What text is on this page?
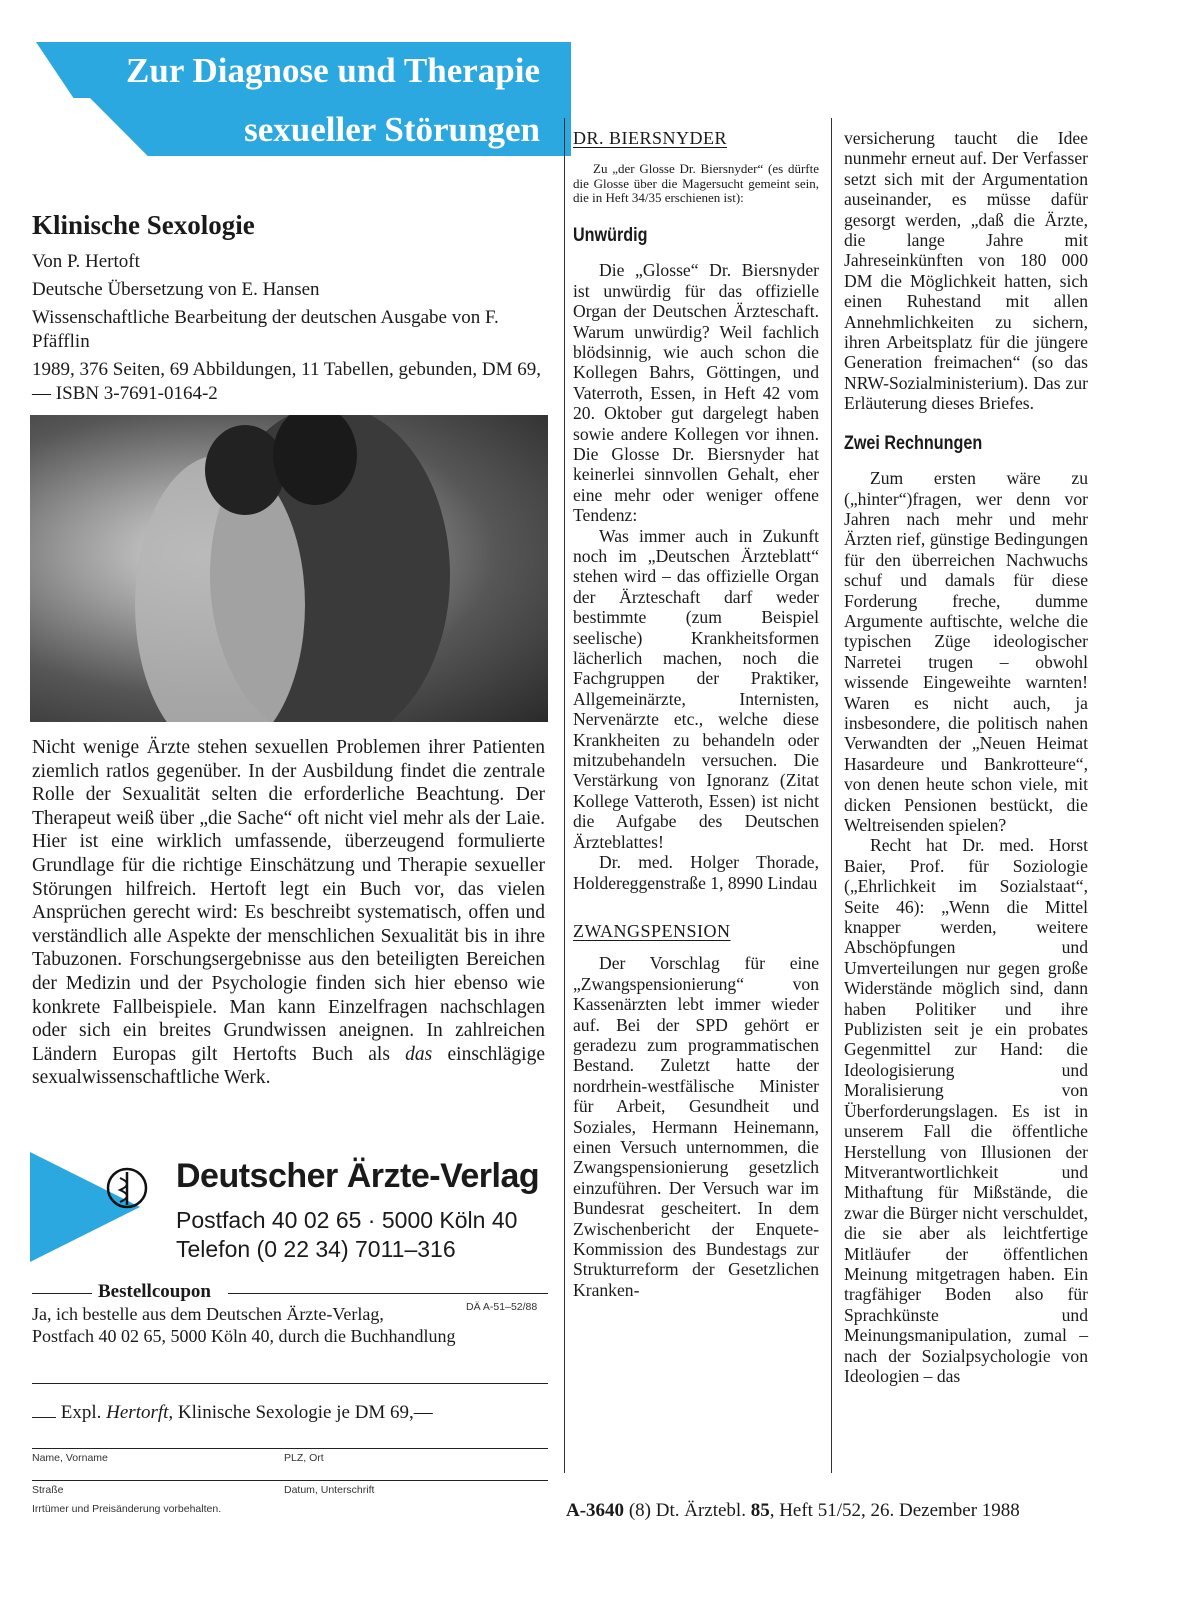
Zur Diagnose und Therapie
sexueller Störungen
Klinische Sexologie
Von P. Hertoft
Deutsche Übersetzung von E. Hansen
Wissenschaftliche Bearbeitung der deutschen Ausgabe von F. Pfäfflin
1989, 376 Seiten, 69 Abbildungen, 11 Tabellen, gebunden, DM 69,— ISBN 3-7691-0164-2
Nicht wenige Ärzte stehen sexuellen Problemen ihrer Patienten ziemlich ratlos gegenüber. In der Ausbildung findet die zentrale Rolle der Sexualität selten die erforderliche Beachtung. Der Therapeut weiß über „die Sache“ oft nicht viel mehr als der Laie. Hier ist eine wirklich umfassende, überzeugend formulierte Grundlage für die richtige Einschätzung und Therapie sexueller Störungen hilfreich. Hertoft legt ein Buch vor, das vielen Ansprüchen gerecht wird: Es beschreibt systematisch, offen und verständlich alle Aspekte der menschlichen Sexualität bis in ihre Tabuzonen. Forschungsergebnisse aus den beteiligten Bereichen der Medizin und der Psychologie finden sich hier ebenso wie konkrete Fallbeispiele. Man kann Einzelfragen nachschlagen oder sich ein breites Grundwissen aneignen. In zahlreichen Ländern Europas gilt Hertofts Buch als das einschlägige sexualwissenschaftliche Werk.
Deutscher Ärzte-Verlag
Postfach 40 02 65 · 5000 Köln 40
Telefon (0 22 34) 7011–316
Bestellcoupon
DÄ A-51–52/88
Ja, ich bestelle aus dem Deutschen Ärzte-Verlag,
Postfach 40 02 65, 5000 Köln 40, durch die Buchhandlung
Expl. Hertorft, Klinische Sexologie je DM 69,—
Name, Vorname	PLZ, Ort
Straße	Datum, Unterschrift
Irrtümer und Preisänderung vorbehalten.
DR. BIERSNYDER
Zu „der Glosse Dr. Biersnyder“ (es dürfte die Glosse über die Magersucht gemeint sein, die in Heft 34/35 erschienen ist):
Unwürdig

Die „Glosse“ Dr. Biersnyder ist unwürdig für das offizielle Organ der Deutschen Ärzteschaft. Warum unwürdig? Weil fachlich blödsinnig, wie auch schon die Kollegen Bahrs, Göttingen, und Vaterroth, Essen, in Heft 42 vom 20. Oktober gut dargelegt haben sowie andere Kollegen vor ihnen. Die Glosse Dr. Biersnyder hat keinerlei sinnvollen Gehalt, eher eine mehr oder weniger offene Tendenz:

Was immer auch in Zukunft noch im „Deutschen Ärzteblatt“ stehen wird – das offizielle Organ der Ärzteschaft darf weder bestimmte (zum Beispiel seelische) Krankheitsformen lächerlich machen, noch die Fachgruppen der Praktiker, Allgemeinärzte, Internisten, Nervenärzte etc., welche diese Krankheiten zu behandeln oder mitzubehandeln versuchen. Die Verstärkung von Ignoranz (Zitat Kollege Vatteroth, Essen) ist nicht die Aufgabe des Deutschen Ärzteblattes!

Dr. med. Holger Thorade, Holdereggenstraße 1, 8990 Lindau

ZWANGSPENSION

Der Vorschlag für eine „Zwangspensionierung“ von Kassenärzten lebt immer wieder auf. Bei der SPD gehört er geradezu zum programmatischen Bestand. Zuletzt hatte der nordrhein-westfälische Minister für Arbeit, Gesundheit und Soziales, Hermann Heinemann, einen Versuch unternommen, die Zwangspensionierung gesetzlich einzuführen. Der Versuch war im Bundesrat gescheitert. In dem Zwischenbericht der Enquete-Kommission des Bundestags zur Strukturreform der Gesetzlichen Kranken-

versicherung taucht die Idee nunmehr erneut auf. Der Verfasser setzt sich mit der Argumentation auseinander, es müsse dafür gesorgt werden, „daß die Ärzte, die lange Jahre mit Jahreseinkünften von 180 000 DM die Möglichkeit hatten, sich einen Ruhestand mit allen Annehmlichkeiten zu sichern, ihren Arbeitsplatz für die jüngere Generation freimachen“ (so das NRW-Sozialministerium). Das zur Erläuterung dieses Briefes.
Zwei Rechnungen

Zum ersten wäre zu („hinter“)fragen, wer denn vor Jahren nach mehr und mehr Ärzten rief, günstige Bedingungen für den überreichen Nachwuchs schuf und damals für diese Forderung freche, dumme Argumente auftischte, welche die typischen Züge ideologischer Narretei trugen – obwohl wissende Eingeweihte warnten! Waren es nicht auch, ja insbesondere, die politisch nahen Verwandten der „Neuen Heimat Hasardeure und Bankrotteure“, von denen heute schon viele, mit dicken Pensionen bestückt, die Weltreisenden spielen?

Recht hat Dr. med. Horst Baier, Prof. für Soziologie („Ehrlichkeit im Sozialstaat“, Seite 46): „Wenn die Mittel knapper werden, weitere Abschöpfungen und Umverteilungen nur gegen große Widerstände möglich sind, dann haben Politiker und ihre Publizisten seit je ein probates Gegenmittel zur Hand: die Ideologisierung und Moralisierung von Überforderungslagen. Es ist in unserem Fall die öffentliche Herstellung von Illusionen der Mitverantwortlichkeit und Mithaftung für Mißstände, die zwar die Bürger nicht verschuldet, die sie aber als leichtfertige Mitläufer der öffentlichen Meinung mitgetragen haben. Ein tragfähiger Boden also für Sprachkünste und Meinungsmanipulation, zumal – nach der Sozialpsychologie von Ideologien – das

A-3640 (8) Dt. Ärztebl. 85, Heft 51/52, 26. Dezember 1988
